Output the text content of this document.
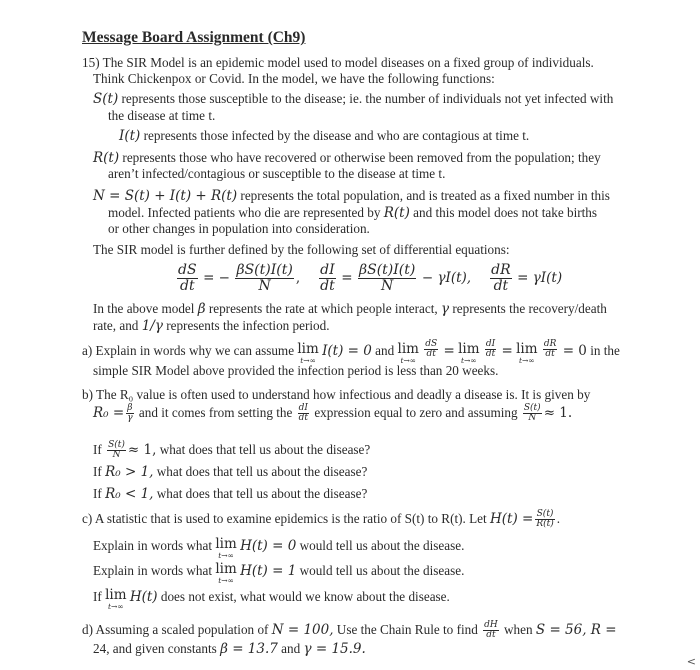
Message Board Assignment (Ch9)
15) The SIR Model is an epidemic model used to model diseases on a fixed group of individuals.
Think Chickenpox or Covid. In the model, we have the following functions:
S(t) represents those susceptible to the disease; ie. the number of individuals not yet infected with
the disease at time t.
I(t) represents those infected by the disease and who are contagious at time t.
R(t) represents those who have recovered or otherwise been removed from the population; they
aren’t infected/contagious or susceptible to the disease at time t.
N = S(t) + I(t) + R(t) represents the total population, and is treated as a fixed number in this
model. Infected patients who die are represented by R(t) and this model does not take births
or other changes in population into consideration.
The SIR model is further defined by the following set of differential equations:
$\frac{dS}{dt}$ = − $\frac{\beta S(t)I(t)}{N}$ , $\frac{dI}{dt} = \frac{\beta S(t)I(t)}{N} - \gamma I(t)$, $\frac{dR}{dt} = \gamma I(t)$
In the above model β represents the rate at which people interact, γ represents the recovery/death
rate, and 1/γ represents the infection period.
a) Explain in words why we can assume lim
t→∞
I(t) = 0 and lim
t→∞

$\frac{dS}{dt} = \lim$
t→∞

$\frac{dI}{dt} = \lim$
t→∞

$\frac{dR}{dt} = 0$ in the
simple SIR Model above provided the infection period is less than 20 weeks.
b) The R₀ value is often used to understand how infectious and deadly a disease is. It is given by
$R_0 = \frac{\beta}{\gamma}$ and it comes from setting the $\frac{dI}{dt}$ expression equal to zero and assuming $\frac{S(t)}{N} \approx 1$.
If $\frac{S(t)}{N} \approx 1$, what does that tell us about the disease?
If R₀ > 1, what does that tell us about the disease?
If R₀ < 1, what does that tell us about the disease?
c) A statistic that is used to examine epidemics is the ratio of S(t) to R(t). Let $H(t) = \frac{S(t)}{R(t)}$ .
Explain in words what lim
t→∞
H(t) = 0 would tell us about the disease.
Explain in words what lim
t→∞
H(t) = 1 would tell us about the disease.
If lim
t→∞
H(t) does not exist, what would we know about the disease.
d) Assuming a scaled population of N = 100, Use the Chain Rule to find $\frac{dH}{dt}$ when S = 56, R =
24, and given constants β = 13.7 and γ = 15.9.
<
